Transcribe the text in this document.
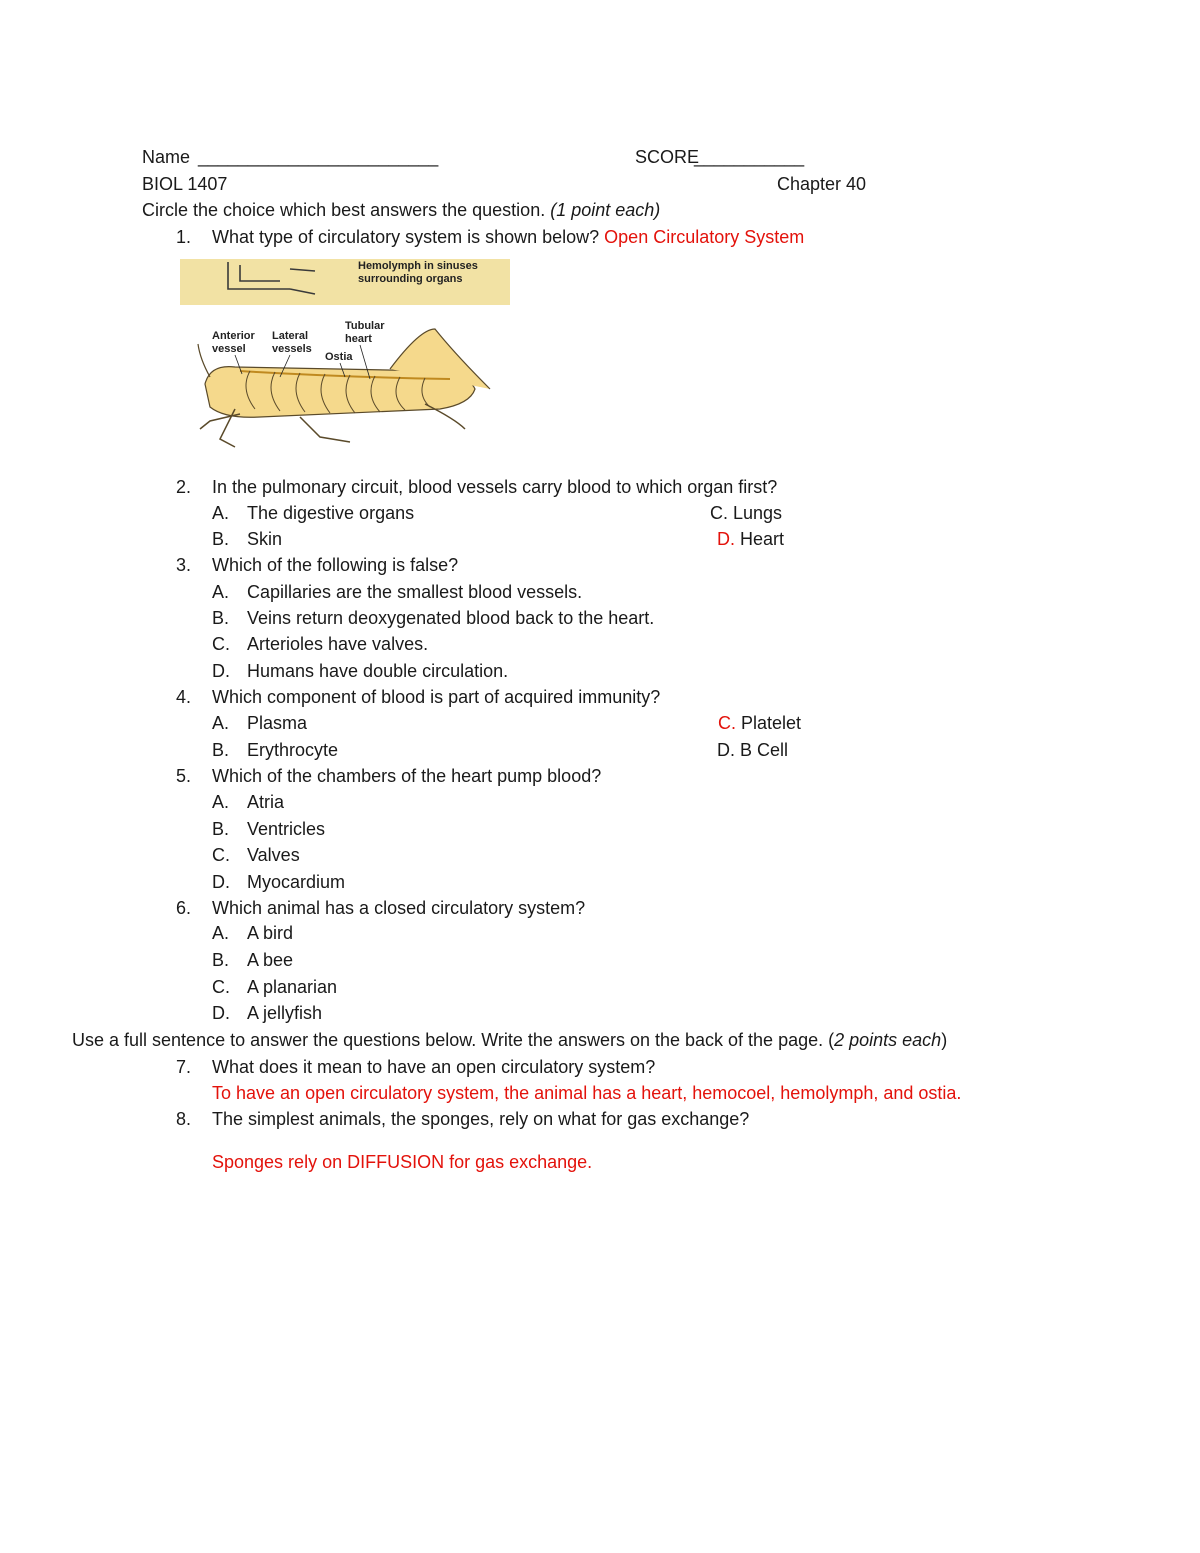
Name ________________________	SCORE
___________
BIOL 1407	Chapter 40
Circle the choice which best answers the question. (1 point each)
1. What type of circulatory system is shown below? Open Circulatory System
Hemolymph in sinuses
surrounding organs
Anterior
vessel
Lateral
vessels
Tubular
heart
Ostia
2. In the pulmonary circuit, blood vessels carry blood to which organ first?
A. The digestive organs
B. Skin
C. Lungs
D. Heart
3. Which of the following is false?
A. Capillaries are the smallest blood vessels.
B. Veins return deoxygenated blood back to the heart.
C. Arterioles have valves.
D. Humans have double circulation.
4. Which component of blood is part of acquired immunity?
A. Plasma
B. Erythrocyte
C. Platelet
D. B Cell
5. Which of the chambers of the heart pump blood?
A. Atria
B. Ventricles
C. Valves
D. Myocardium
6. Which animal has a closed circulatory system?
A. A bird
B. A bee
C. A planarian
D. A jellyfish
Use a full sentence to answer the questions below. Write the answers on the back of the page. (2 points each)
7. What does it mean to have an open circulatory system?
To have an open circulatory system, the animal has a heart, hemocoel, hemolymph, and ostia.
8. The simplest animals, the sponges, rely on what for gas exchange?
Sponges rely on DIFFUSION for gas exchange.
